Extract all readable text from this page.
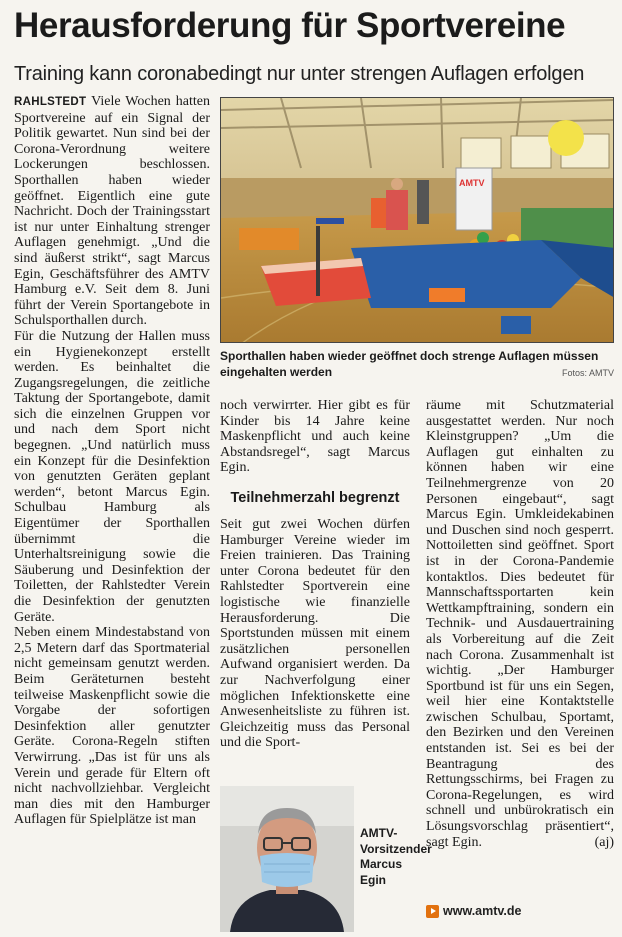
Herausforderung für Sportvereine
Training kann coronabedingt nur unter strengen Auflagen erfolgen

RAHLSTEDT Viele Wochen hatten Sportvereine auf ein Signal der Politik gewartet. Nun sind bei der Corona-Verordnung weitere Lockerungen beschlossen. Sporthallen haben wieder geöffnet. Eigentlich eine gute Nachricht. Doch der Trainingsstart ist nur unter Einhaltung strenger Auflagen genehmigt. „Und die sind äußerst strikt“, sagt Marcus Egin, Geschäftsführer des AMTV Hamburg e.V. Seit dem 8. Juni führt der Verein Sportangebote in Schulsporthallen durch.

Für die Nutzung der Hallen muss ein Hygienekonzept erstellt werden. Es beinhaltet die Zugangsregelungen, die zeitliche Taktung der Sportangebote, damit sich die einzelnen Gruppen vor und nach dem Sport nicht begegnen. „Und natürlich muss ein Konzept für die Desinfektion von genutzten Geräten geplant werden“, betont Marcus Egin. Schulbau Hamburg als Eigentümer der Sporthallen übernimmt die Unterhaltsreinigung sowie die Säuberung und Desinfektion der Toiletten, der Rahlstedter Verein die Desinfektion der genutzten Geräte.

Neben einem Mindestabstand von 2,5 Metern darf das Sportmaterial nicht gemeinsam genutzt werden. Beim Geräteturnen besteht teilweise Maskenpflicht sowie die Vorgabe der sofortigen Desinfektion aller genutzter Geräte. Corona-Regeln stiften Verwirrung. „Das ist für uns als Verein und gerade für Eltern oft nicht nachvollziehbar. Vergleicht man dies mit den Hamburger Auflagen für Spielplätze ist man

AMTV
Sporthallen haben wieder geöffnet doch strenge Auflagen müssen eingehalten werden	Fotos: AMTV

noch verwirrter. Hier gibt es für Kinder bis 14 Jahre keine Maskenpflicht und auch keine Abstandsregel“, sagt Marcus Egin.

Teilnehmerzahl begrenzt

Seit gut zwei Wochen dürfen Hamburger Vereine wieder im Freien trainieren. Das Training unter Corona bedeutet für den Rahlstedter Sportverein eine logistische wie finanzielle Herausforderung. Die Sportstunden müssen mit einem zusätzlichen personellen Aufwand organisiert werden. Da zur Nachverfolgung einer möglichen Infektionskette eine Anwesenheitsliste zu führen ist. Gleichzeitig muss das Personal und die Sport-

AMTV-Vorsitzender Marcus Egin

räume mit Schutzmaterial ausgestattet werden. Nur noch Kleinstgruppen? „Um die Auflagen gut einhalten zu können haben wir eine Teilnehmergrenze von 20 Personen eingebaut“, sagt Marcus Egin. Umkleidekabinen und Duschen sind noch gesperrt. Nottoiletten sind geöffnet. Sport ist in der Corona-Pandemie kontaktlos. Dies bedeutet für Mannschaftssportarten kein Wettkampftraining, sondern ein Technik- und Ausdauertraining als Vorbereitung auf die Zeit nach Corona. Zusammenhalt ist wichtig. „Der Hamburger Sportbund ist für uns ein Segen, weil hier eine Kontaktstelle zwischen Schulbau, Sportamt, den Bezirken und den Vereinen entstanden ist. Sei es bei der Beantragung des Rettungsschirms, bei Fragen zu Corona-Regelungen, es wird schnell und unbürokratisch ein Lösungsvorschlag präsentiert“, sagt Egin.	(aj)

www.amtv.de
